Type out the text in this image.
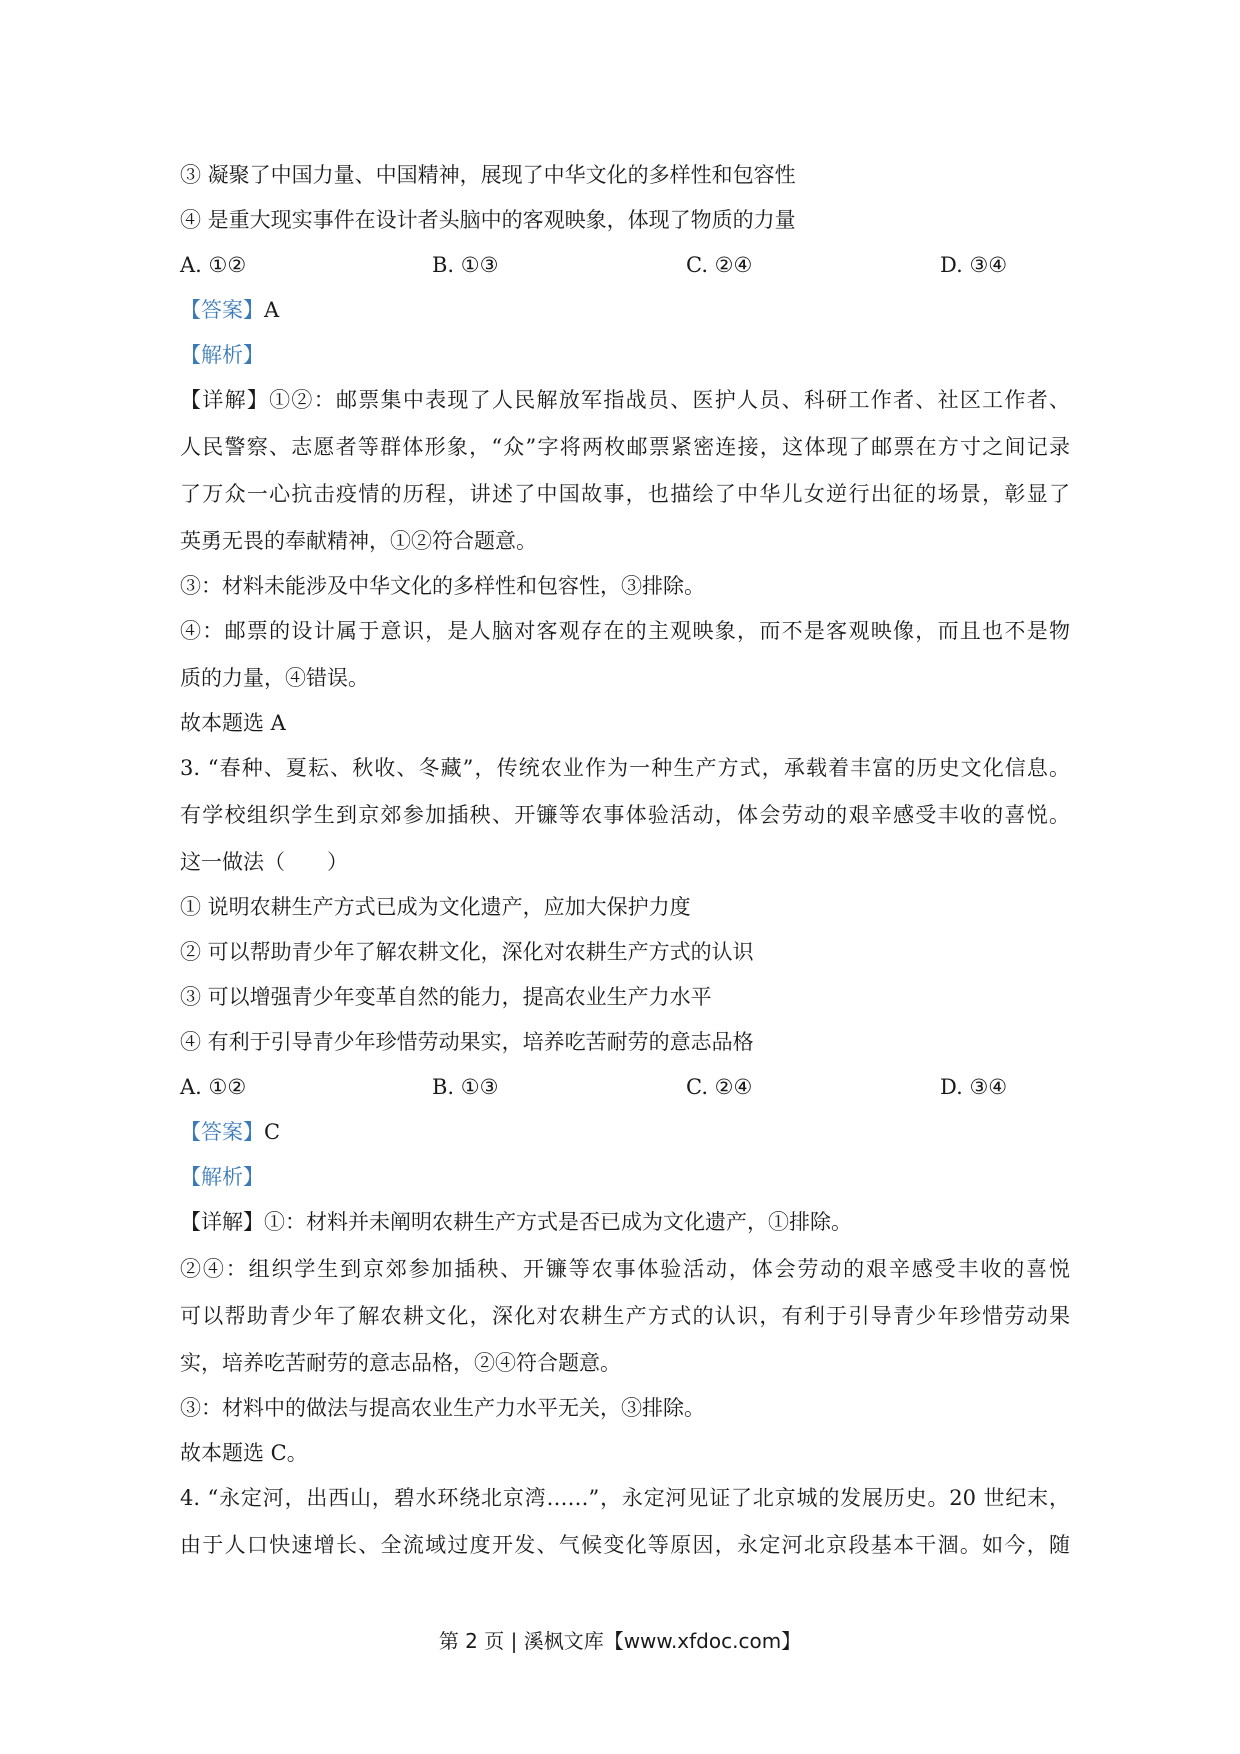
③ 凝聚了中国力量、中国精神，展现了中华文化的多样性和包容性
④ 是重大现实事件在设计者头脑中的客观映象，体现了物质的力量
A. ①②	B. ①③	C. ②④	D. ③④
【答案】A
【解析】
【详解】①②：邮票集中表现了人民解放军指战员、医护人员、科研工作者、社区工作者、
人民警察、志愿者等群体形象，“众”字将两枚邮票紧密连接，这体现了邮票在方寸之间记录
了万众一心抗击疫情的历程，讲述了中国故事，也描绘了中华儿女逆行出征的场景，彰显了
英勇无畏的奉献精神，①②符合题意。
③：材料未能涉及中华文化的多样性和包容性，③排除。
④：邮票的设计属于意识，是人脑对客观存在的主观映象，而不是客观映像，而且也不是物
质的力量，④错误。
故本题选 A
3. “春种、夏耘、秋收、冬藏”，传统农业作为一种生产方式，承载着丰富的历史文化信息。
有学校组织学生到京郊参加插秧、开镰等农事体验活动，体会劳动的艰辛感受丰收的喜悦。
这一做法（　　）
① 说明农耕生产方式已成为文化遗产，应加大保护力度
② 可以帮助青少年了解农耕文化，深化对农耕生产方式的认识
③ 可以增强青少年变革自然的能力，提高农业生产力水平
④ 有利于引导青少年珍惜劳动果实，培养吃苦耐劳的意志品格
A. ①②	B. ①③	C. ②④	D. ③④
【答案】C
【解析】
【详解】①：材料并未阐明农耕生产方式是否已成为文化遗产，①排除。
②④：组织学生到京郊参加插秧、开镰等农事体验活动，体会劳动的艰辛感受丰收的喜悦
可以帮助青少年了解农耕文化，深化对农耕生产方式的认识，有利于引导青少年珍惜劳动果
实，培养吃苦耐劳的意志品格，②④符合题意。
③：材料中的做法与提高农业生产力水平无关，③排除。
故本题选 C。
4. “永定河，出西山，碧水环绕北京湾……”，永定河见证了北京城的发展历史。20 世纪末，
由于人口快速增长、全流域过度开发、气候变化等原因，永定河北京段基本干涸。如今，随
第 2 页 | 溪枫文库【www.xfdoc.com】
